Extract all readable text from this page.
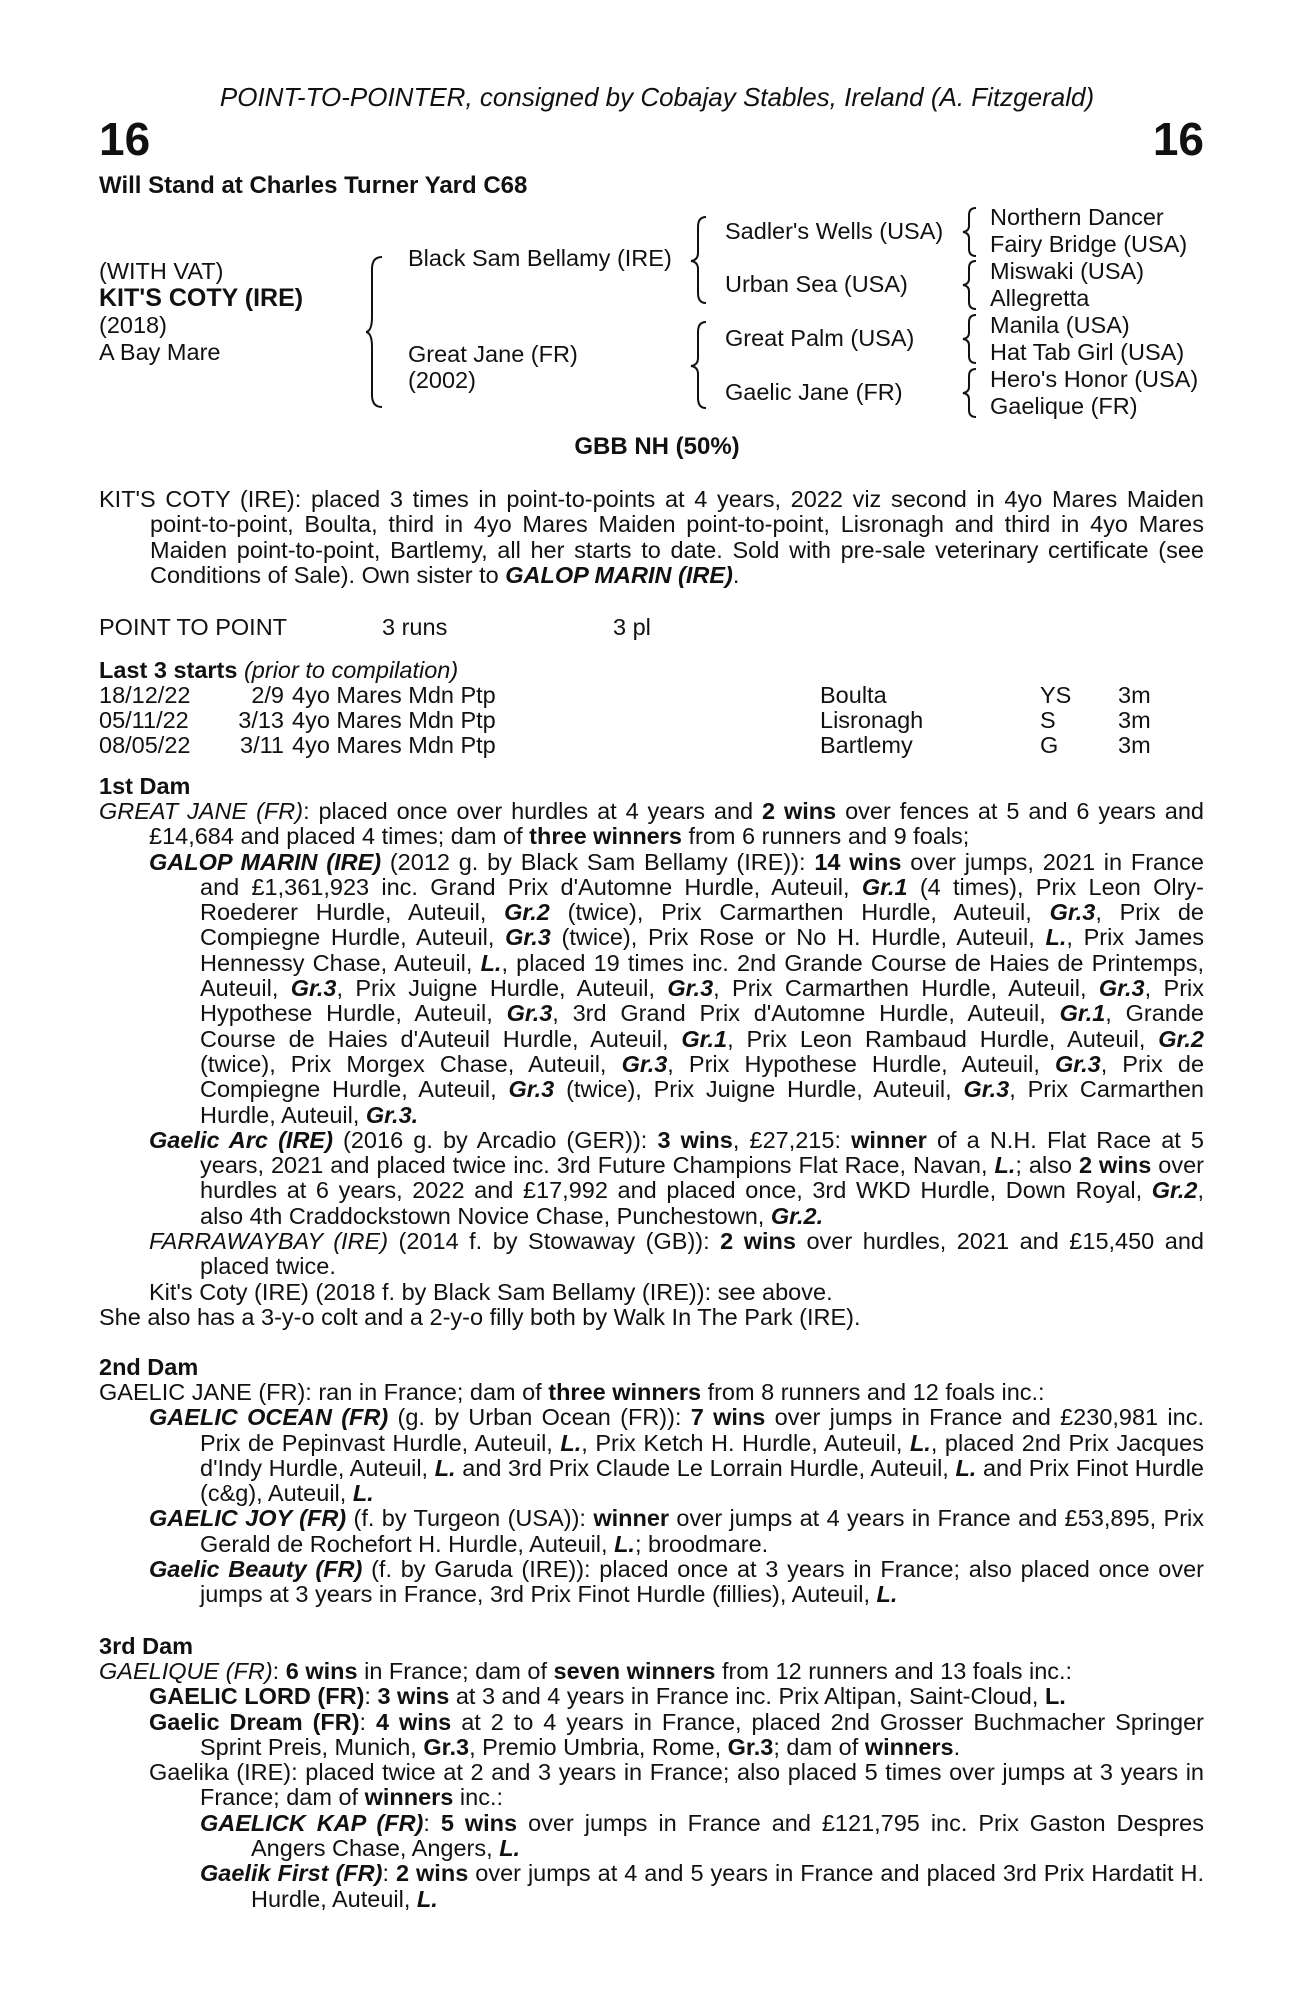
POINT-TO-POINTER, consigned by Cobajay Stables, Ireland (A. Fitzgerald)
16	16
Will Stand at Charles Turner Yard C68
(WITH VAT)
KIT'S COTY (IRE)
(2018)
A Bay Mare
Black Sam Bellamy (IRE)
Great Jane (FR)
(2002)
Sadler's Wells (USA)
Urban Sea (USA)
Great Palm (USA)
Gaelic Jane (FR)
Northern Dancer
Fairy Bridge (USA)
Miswaki (USA)
Allegretta
Manila (USA)
Hat Tab Girl (USA)
Hero's Honor (USA)
Gaelique (FR)
GBB NH (50%)
KIT'S COTY (IRE): placed 3 times in point-to-points at 4 years, 2022 viz second in 4yo Mares Maiden point-to-point, Boulta, third in 4yo Mares Maiden point-to-point, Lisronagh and third in 4yo Mares Maiden point-to-point, Bartlemy, all her starts to date. Sold with pre-sale veterinary certificate (see Conditions of Sale). Own sister to GALOP MARIN (IRE).
POINT TO POINT	3 runs	3 pl
Last 3 starts (prior to compilation)
18/12/22	2/9 4yo Mares Mdn Ptp	Boulta	YS 3m
05/11/22	3/13 4yo Mares Mdn Ptp	Lisronagh	S	3m
08/05/22	3/11 4yo Mares Mdn Ptp	Bartlemy	G	3m
1st Dam
GREAT JANE (FR): placed once over hurdles at 4 years and 2 wins over fences at 5 and 6 years and £14,684 and placed 4 times; dam of three winners from 6 runners and 9 foals;
GALOP MARIN (IRE) (2012 g. by Black Sam Bellamy (IRE)): 14 wins over jumps, 2021 in France and £1,361,923 inc. Grand Prix d'Automne Hurdle, Auteuil, Gr.1 (4 times), Prix Leon Olry-Roederer Hurdle, Auteuil, Gr.2 (twice), Prix Carmarthen Hurdle, Auteuil, Gr.3, Prix de Compiegne Hurdle, Auteuil, Gr.3 (twice), Prix Rose or No H. Hurdle, Auteuil, L., Prix James Hennessy Chase, Auteuil, L., placed 19 times inc. 2nd Grande Course de Haies de Printemps, Auteuil, Gr.3, Prix Juigne Hurdle, Auteuil, Gr.3, Prix Carmarthen Hurdle, Auteuil, Gr.3, Prix Hypothese Hurdle, Auteuil, Gr.3, 3rd Grand Prix d'Automne Hurdle, Auteuil, Gr.1, Grande Course de Haies d'Auteuil Hurdle, Auteuil, Gr.1, Prix Leon Rambaud Hurdle, Auteuil, Gr.2 (twice), Prix Morgex Chase, Auteuil, Gr.3, Prix Hypothese Hurdle, Auteuil, Gr.3, Prix de Compiegne Hurdle, Auteuil, Gr.3 (twice), Prix Juigne Hurdle, Auteuil, Gr.3, Prix Carmarthen Hurdle, Auteuil, Gr.3.
Gaelic Arc (IRE) (2016 g. by Arcadio (GER)): 3 wins, £27,215: winner of a N.H. Flat Race at 5 years, 2021 and placed twice inc. 3rd Future Champions Flat Race, Navan, L.; also 2 wins over hurdles at 6 years, 2022 and £17,992 and placed once, 3rd WKD Hurdle, Down Royal, Gr.2, also 4th Craddockstown Novice Chase, Punchestown, Gr.2.
FARRAWAYBAY (IRE) (2014 f. by Stowaway (GB)): 2 wins over hurdles, 2021 and £15,450 and placed twice.
Kit's Coty (IRE) (2018 f. by Black Sam Bellamy (IRE)): see above.
She also has a 3-y-o colt and a 2-y-o filly both by Walk In The Park (IRE).
2nd Dam
GAELIC JANE (FR): ran in France; dam of three winners from 8 runners and 12 foals inc.:
GAELIC OCEAN (FR) (g. by Urban Ocean (FR)): 7 wins over jumps in France and £230,981 inc. Prix de Pepinvast Hurdle, Auteuil, L., Prix Ketch H. Hurdle, Auteuil, L., placed 2nd Prix Jacques d'Indy Hurdle, Auteuil, L. and 3rd Prix Claude Le Lorrain Hurdle, Auteuil, L. and Prix Finot Hurdle (c&g), Auteuil, L.
GAELIC JOY (FR) (f. by Turgeon (USA)): winner over jumps at 4 years in France and £53,895, Prix Gerald de Rochefort H. Hurdle, Auteuil, L.; broodmare.
Gaelic Beauty (FR) (f. by Garuda (IRE)): placed once at 3 years in France; also placed once over jumps at 3 years in France, 3rd Prix Finot Hurdle (fillies), Auteuil, L.
3rd Dam
GAELIQUE (FR): 6 wins in France; dam of seven winners from 12 runners and 13 foals inc.:
GAELIC LORD (FR): 3 wins at 3 and 4 years in France inc. Prix Altipan, Saint-Cloud, L.
Gaelic Dream (FR): 4 wins at 2 to 4 years in France, placed 2nd Grosser Buchmacher Springer Sprint Preis, Munich, Gr.3, Premio Umbria, Rome, Gr.3; dam of winners.
Gaelika (IRE): placed twice at 2 and 3 years in France; also placed 5 times over jumps at 3 years in France; dam of winners inc.:
GAELICK KAP (FR): 5 wins over jumps in France and £121,795 inc. Prix Gaston Despres Angers Chase, Angers, L.
Gaelik First (FR): 2 wins over jumps at 4 and 5 years in France and placed 3rd Prix Hardatit H. Hurdle, Auteuil, L.
